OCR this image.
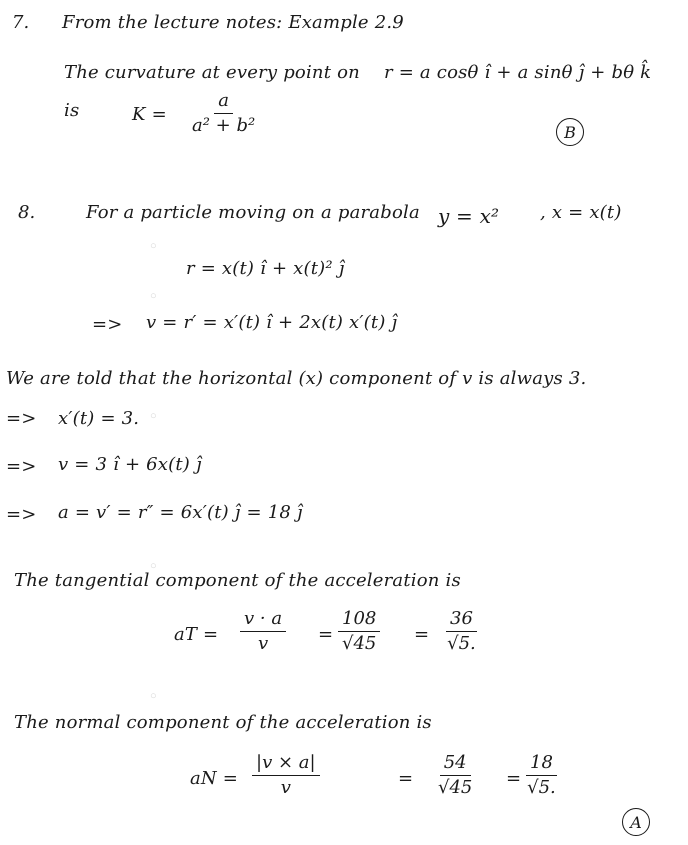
○
○
○
○
○
7. From the lecture notes: Example 2.9
The curvature at every point on r = a cosθ î + a sinθ ĵ + bθ k̂
is	$K = \frac{a}{\text{a² + b²}}$	B
8.	For a particle moving on a parabola y = x² , x = x(t)
r = x(t) î + x(t)² ĵ
=> v = r′ = x′(t) î + 2x(t) x′(t) ĵ
We are told that the horizontal (x) component of v is always 3.
=> x′(t) = 3.
=> v = 3 î + 6x(t) ĵ
=> a = v′ = r″ = 6x′(t) ĵ = 18 ĵ
The tangential component of the acceleration is
aT = $\frac{v \cdot a}{v} = \frac{108}{√45} = \frac{36}{√5.}$
The normal component of the acceleration is
aN = $\frac{|v \times a|}{v}$	= $\frac{54}{√45} = \frac{18}{√5.}$
A
